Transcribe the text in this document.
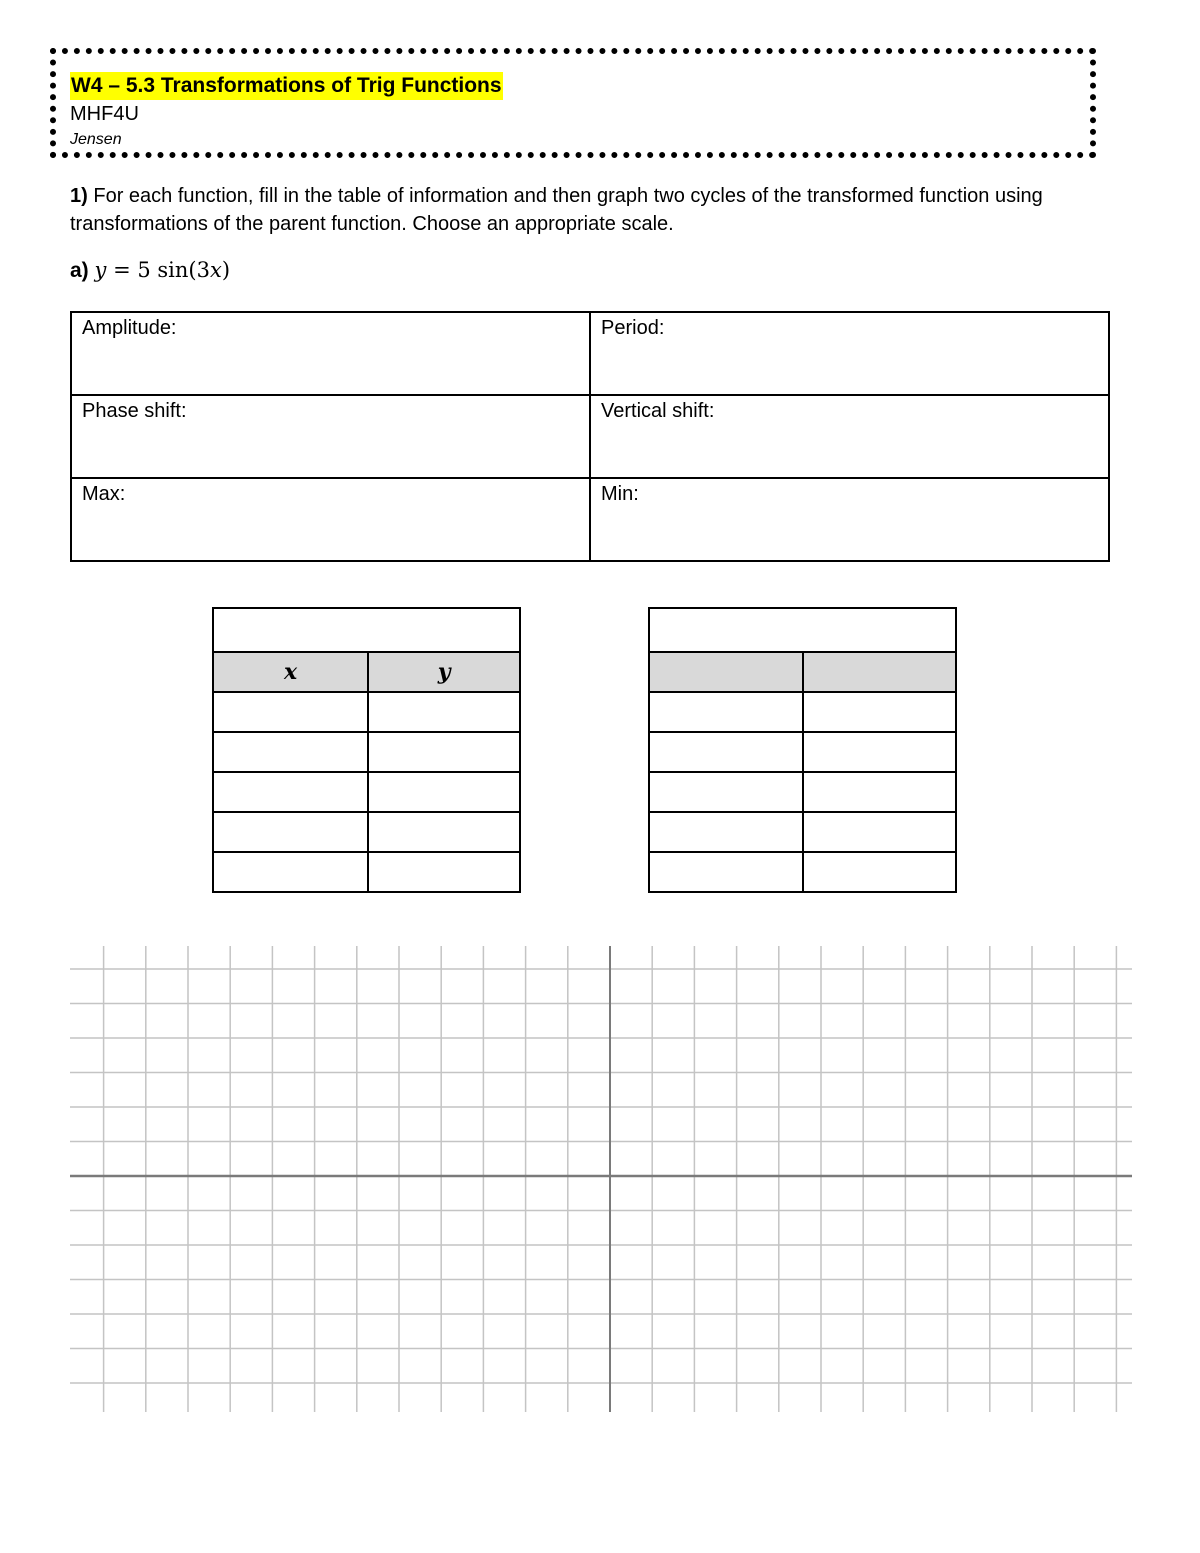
W4 – 5.3 Transformations of Trig Functions
MHF4U
Jensen
1) For each function, fill in the table of information and then graph two cycles of the transformed function using transformations of the parent function. Choose an appropriate scale.
a) y = 5 sin(3x)
Amplitude:	Period:
Phase shift:	Vertical shift:
Max:	Min:

x	y
